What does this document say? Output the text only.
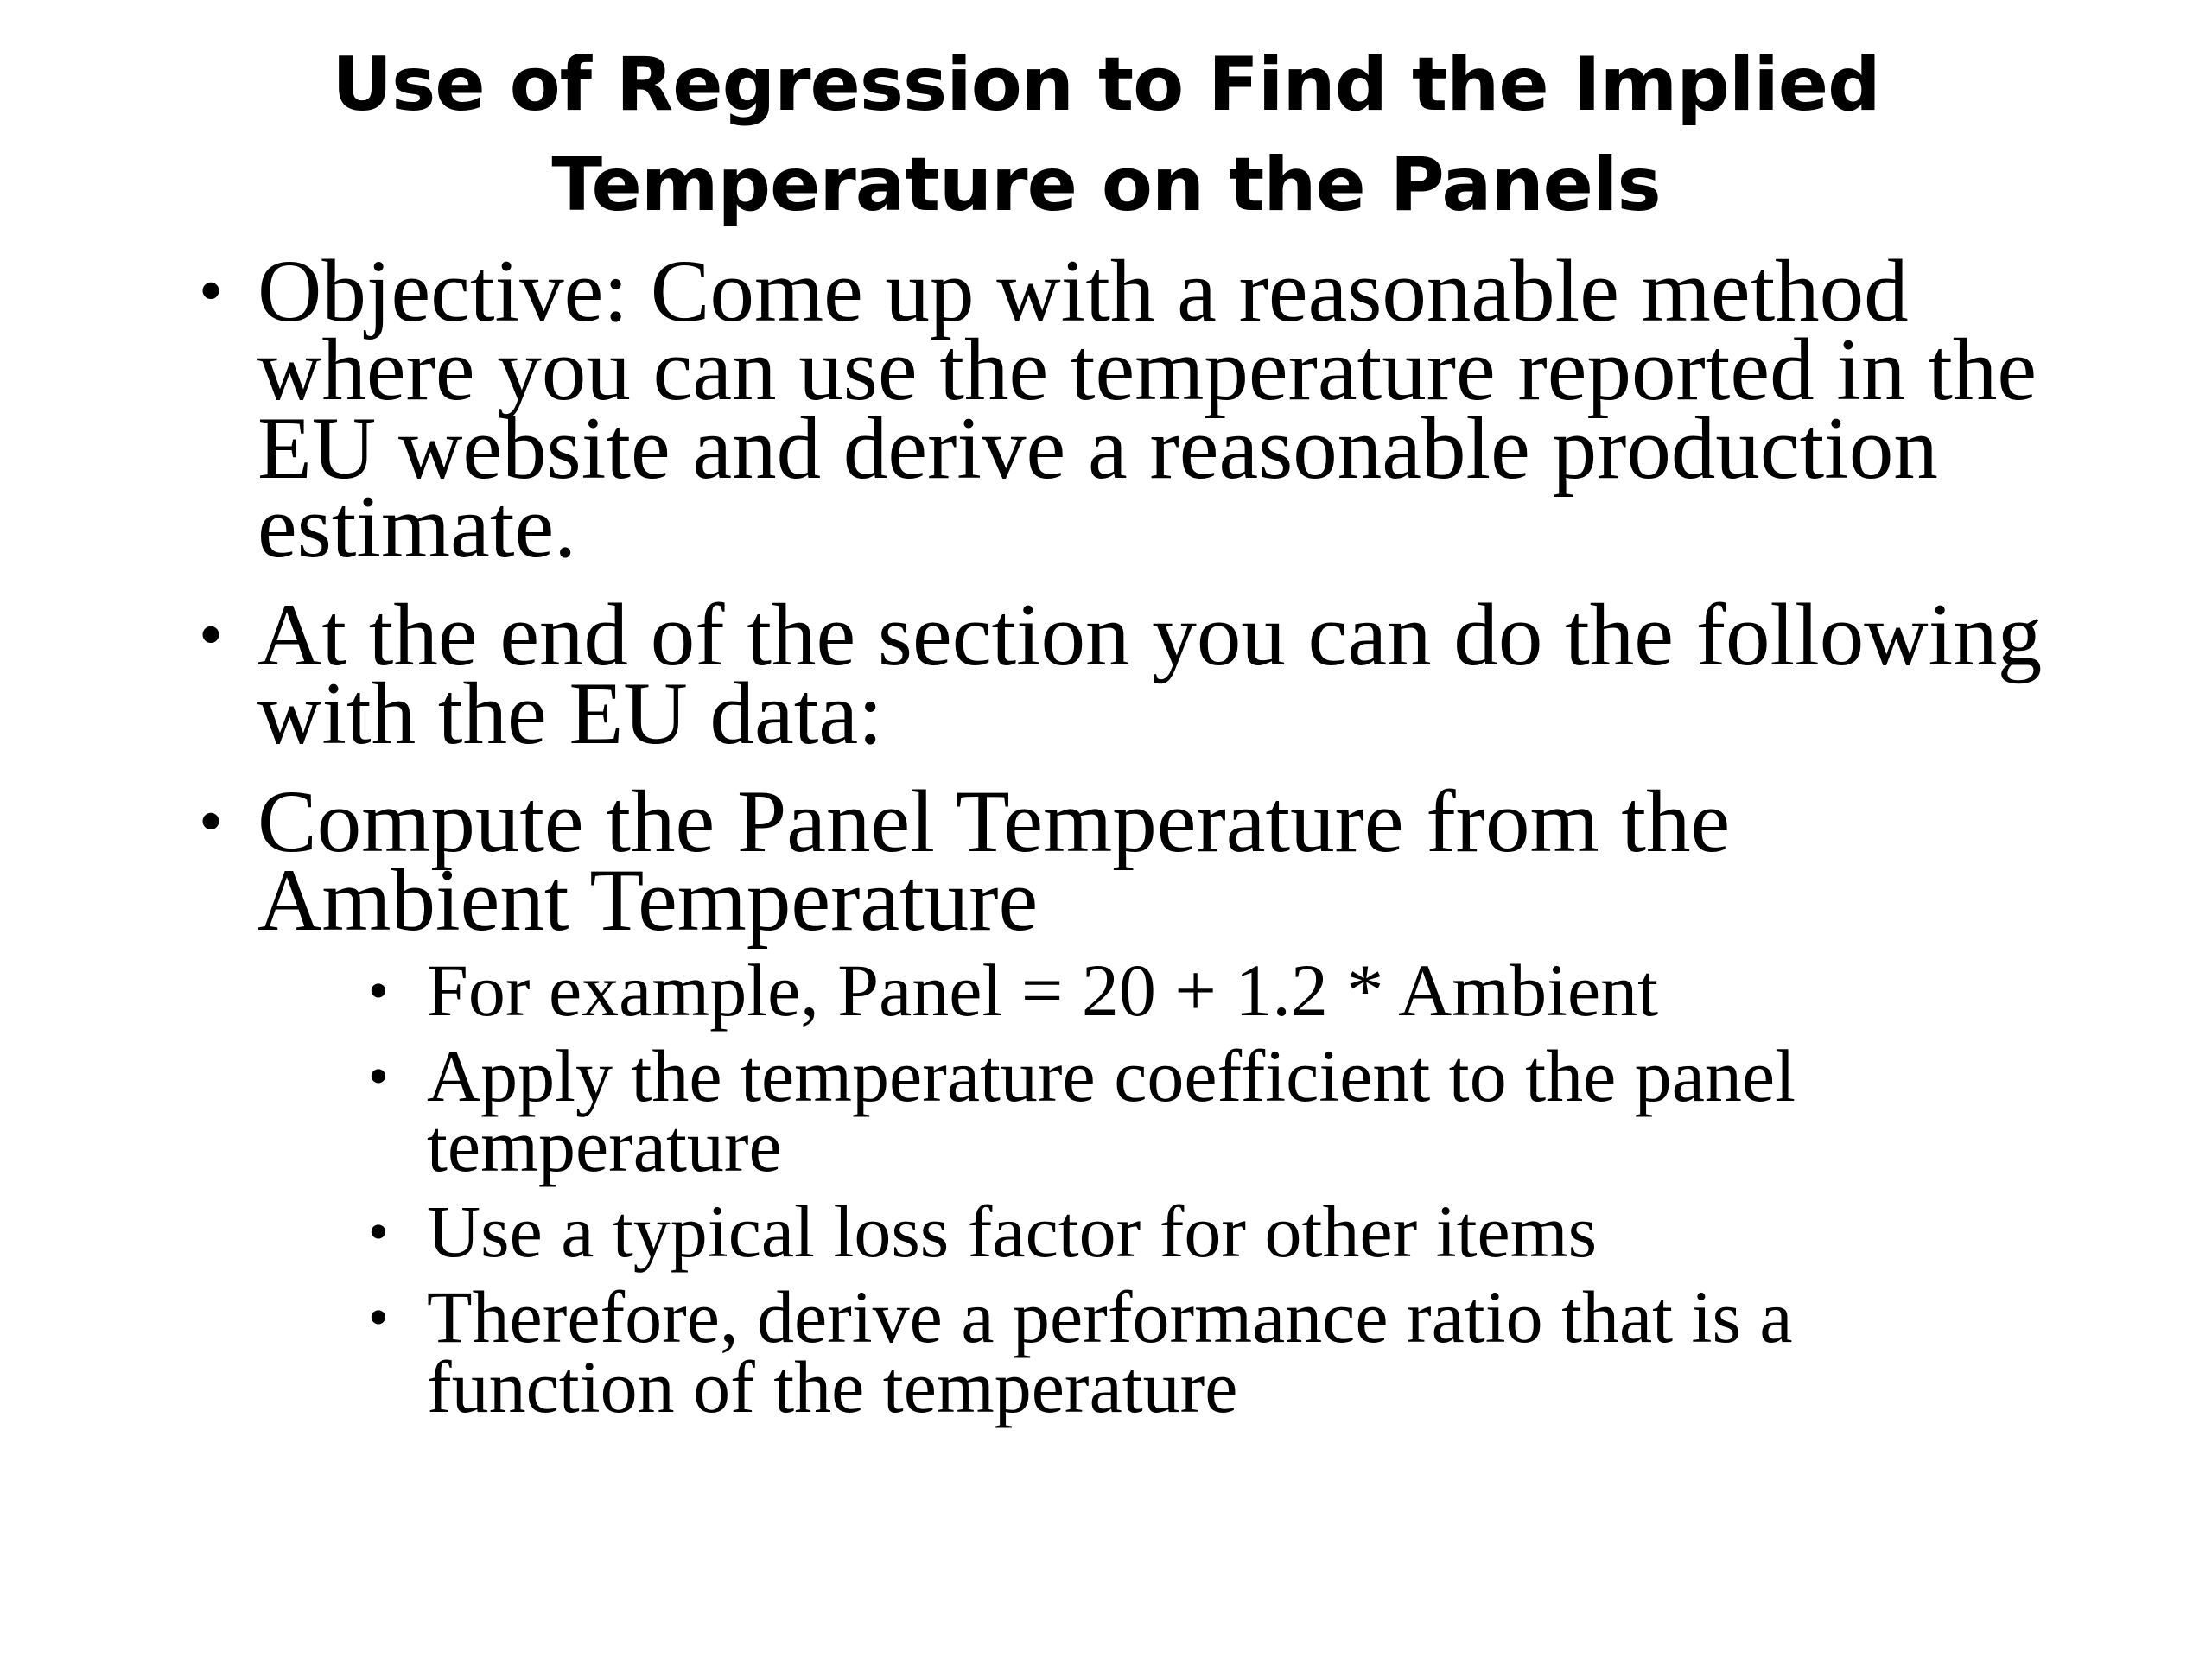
Use of Regression to Find the Implied
Temperature on the Panels
• Objective: Come up with a reasonable method where you can use the temperature reported in the EU website and derive a reasonable production estimate.
• At the end of the section you can do the following with the EU data:
• Compute the Panel Temperature from the Ambient Temperature
• For example, Panel = 20 + 1.2 * Ambient
• Apply the temperature coefficient to the panel temperature
• Use a typical loss factor for other items
• Therefore, derive a performance ratio that is a function of the temperature
